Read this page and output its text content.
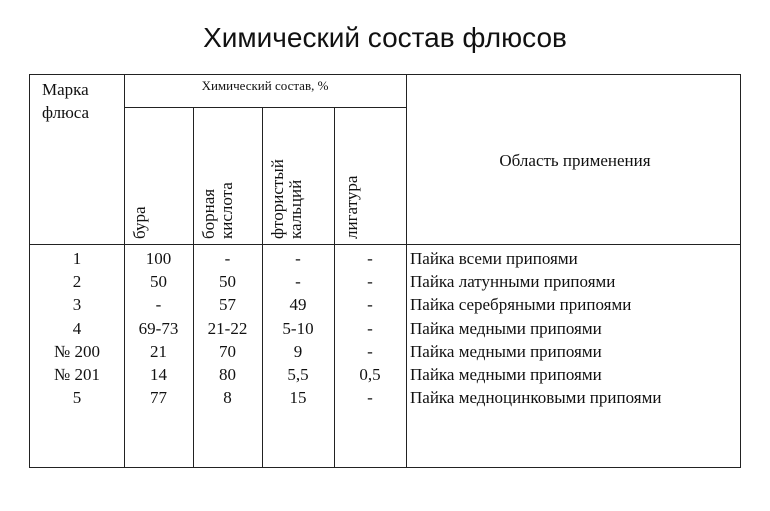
Химический состав флюсов
Марка флюса
Химический состав, %
Область применения
бура	борная кислота фтористый кальций лигатура
1
2
3
4
№ 200
№ 201
5
100
50
-
69-73
21
14
77
-
50
57
21-22
70
80
8
-
-
49
5-10
9
5,5
15
-
-
-
-
-
0,5
-
Пайка всеми припоями
Пайка латунными припоями
Пайка серебряными припоями
Пайка медными припоями
Пайка медными припоями
Пайка медными припоями
Пайка медноцинковыми припоями
